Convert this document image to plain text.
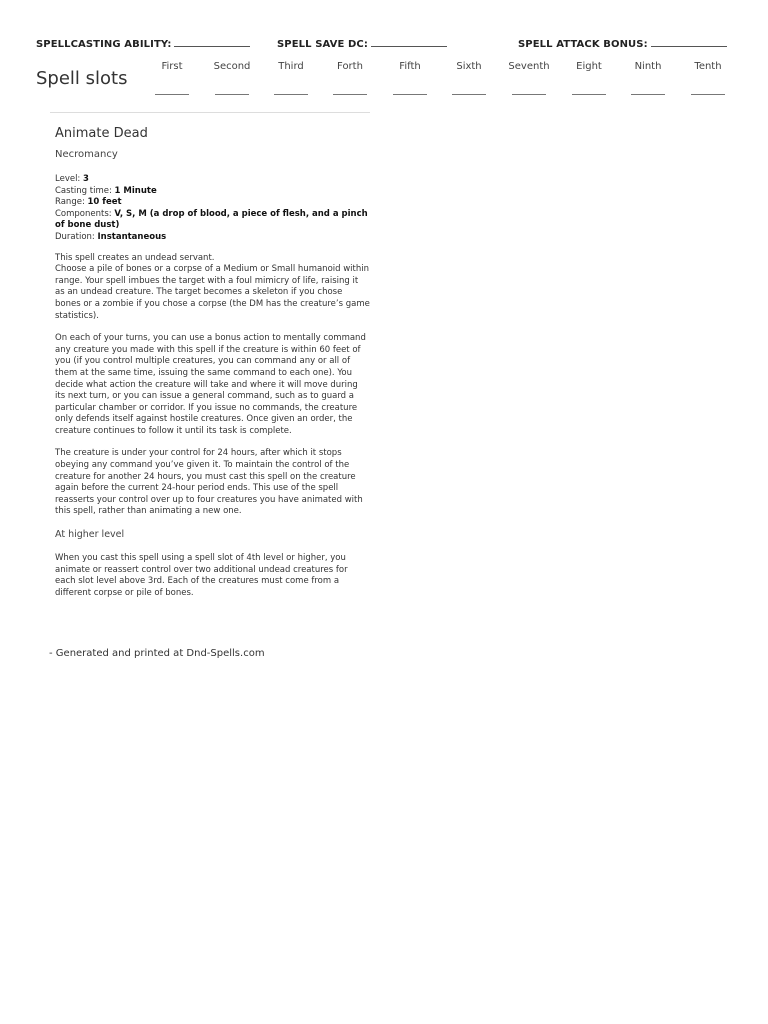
SPELLCASTING ABILITY:	SPELL SAVE DC:	SPELL ATTACK BONUS:
Spell slots
First	Second	Third	Forth	Fifth	Sixth	Seventh	Eight	Ninth	Tenth
Animate Dead
Necromancy
Level: 3
Casting time: 1 Minute
Range: 10 feet
Components: V, S, M (a drop of blood, a piece of flesh, and a pinch of bone dust)
Duration: Instantaneous
This spell creates an undead servant.
Choose a pile of bones or a corpse of a Medium or Small humanoid within range. Your spell imbues the target with a foul mimicry of life, raising it as an undead creature. The target becomes a skeleton if you chose bones or a zombie if you chose a corpse (the DM has the creature’s game statistics).
On each of your turns, you can use a bonus action to mentally command any creature you made with this spell if the creature is within 60 feet of you (if you control multiple creatures, you can command any or all of them at the same time, issuing the same command to each one). You decide what action the creature will take and where it will move during its next turn, or you can issue a general command, such as to guard a particular chamber or corridor. If you issue no commands, the creature only defends itself against hostile creatures. Once given an order, the creature continues to follow it until its task is complete.
The creature is under your control for 24 hours, after which it stops obeying any command you’ve given it. To maintain the control of the creature for another 24 hours, you must cast this spell on the creature again before the current 24-hour period ends. This use of the spell reasserts your control over up to four creatures you have animated with this spell, rather than animating a new one.
At higher level
When you cast this spell using a spell slot of 4th level or higher, you animate or reassert control over two additional undead creatures for each slot level above 3rd. Each of the creatures must come from a different corpse or pile of bones.
- Generated and printed at Dnd-Spells.com
